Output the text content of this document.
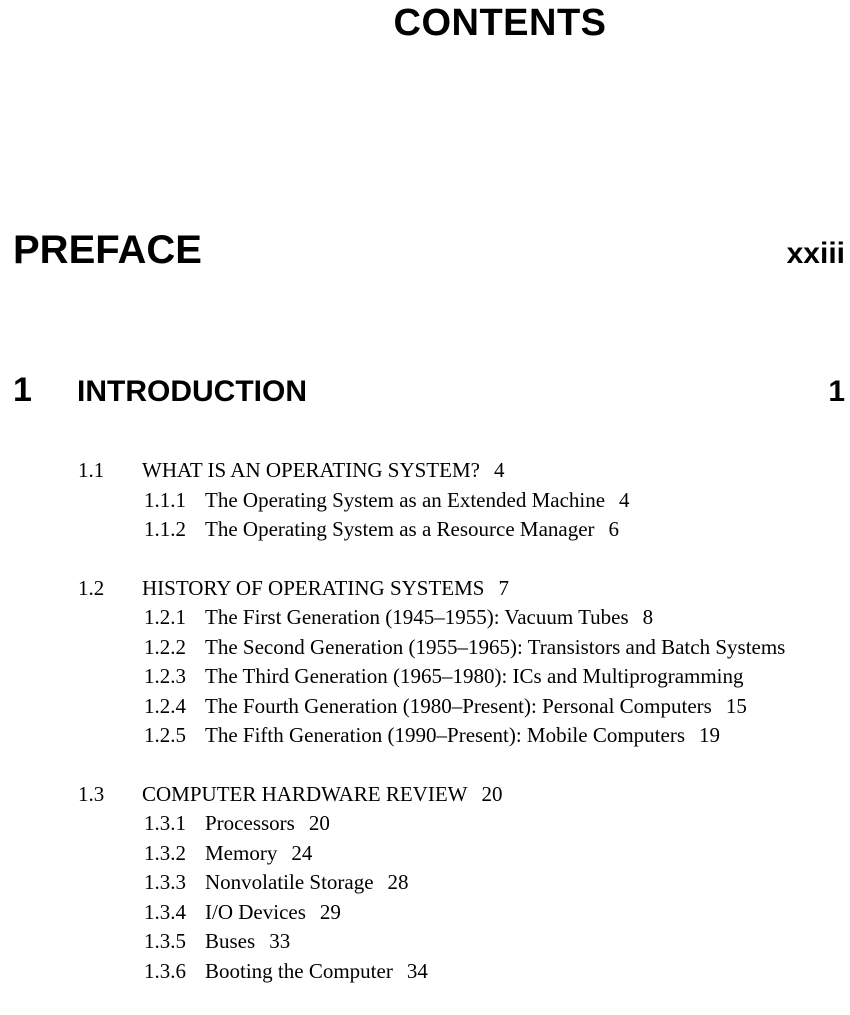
CONTENTS
PREFACE	xxiii
1	INTRODUCTION	1
1.1	WHAT IS AN OPERATING SYSTEM? 4
1.1.1 The Operating System as an Extended Machine 4
1.1.2 The Operating System as a Resource Manager 6
1.2	HISTORY OF OPERATING SYSTEMS 7
1.2.1 The First Generation (1945–1955): Vacuum Tubes 8
1.2.2 The Second Generation (1955–1965): Transistors and Batch Systems
1.2.3 The Third Generation (1965–1980): ICs and Multiprogramming
1.2.4 The Fourth Generation (1980–Present): Personal Computers 15
1.2.5 The Fifth Generation (1990–Present): Mobile Computers 19
1.3	COMPUTER HARDWARE REVIEW 20
1.3.1 Processors 20
1.3.2 Memory 24
1.3.3 Nonvolatile Storage 28
1.3.4 I/O Devices 29
1.3.5 Buses 33
1.3.6 Booting the Computer 34
